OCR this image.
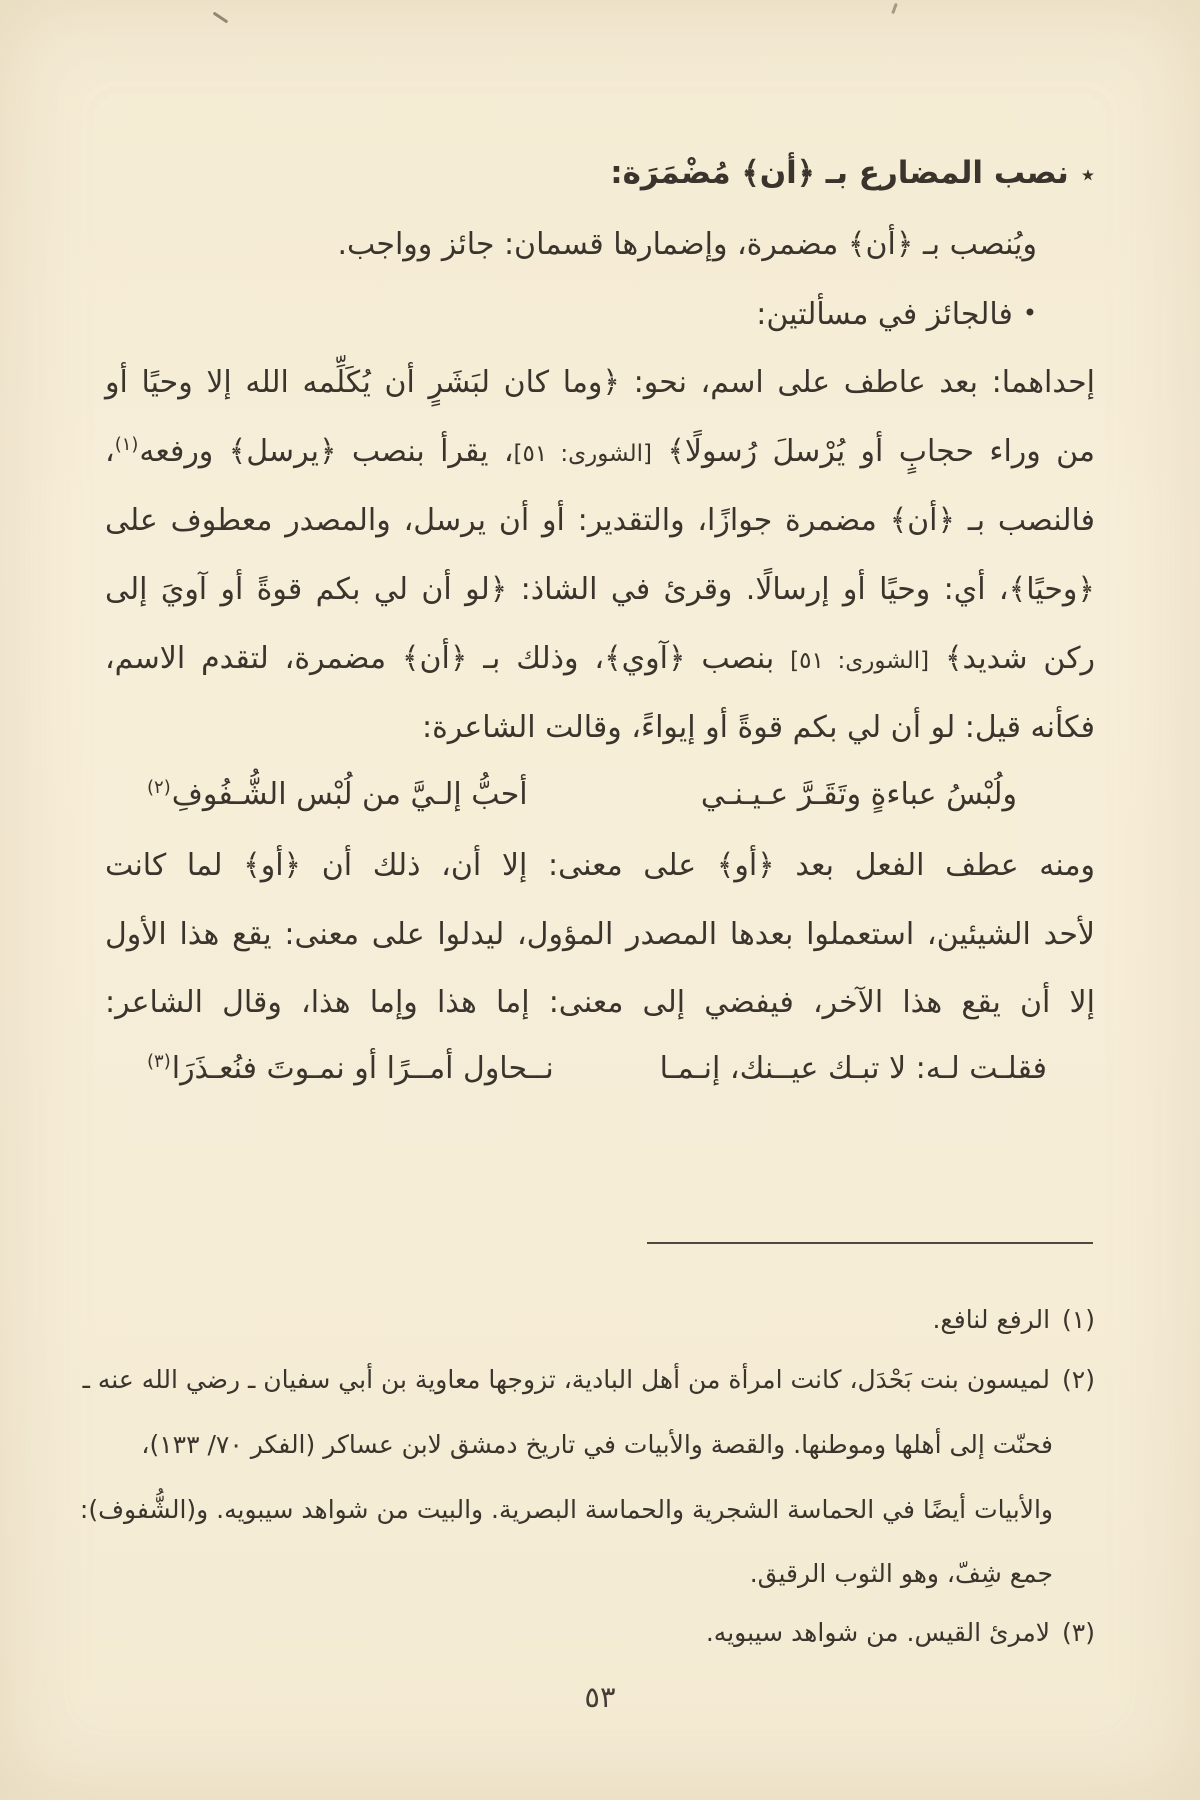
٭نصب المضارع بـ ﴿أن﴾ مُضْمَرَة:
ويُنصب بـ ﴿أن﴾ مضمرة، وإضمارها قسمان: جائز وواجب.
•فالجائز في مسألتين:
إحداهما: بعد عاطف على اسم، نحو: ﴿وما كان لبَشَرٍ أن يُكَلِّمه الله إلا وحيًا أو
من وراء حجابٍ أو يُرْسلَ رُسولًا﴾ [الشورى: ٥١]، يقرأ بنصب ﴿يرسل﴾ ورفعه$^{(١)}$،
فالنصب بـ ﴿أن﴾ مضمرة جوازًا، والتقدير: أو أن يرسل، والمصدر معطوف على
﴿وحيًا﴾، أي: وحيًا أو إرسالًا. وقرئ في الشاذ: ﴿لو أن لي بكم قوةً أو آويَ إلى
ركن شديد﴾ [الشورى: ٥١] بنصب ﴿آوي﴾، وذلك بـ ﴿أن﴾ مضمرة، لتقدم الاسم،
فكأنه قيل: لو أن لي بكم قوةً أو إيواءً، وقالت الشاعرة:
ولُبْسُ عباءةٍ وتَقَـرَّ عـيـنـي
أحبُّ إلـيَّ من لُبْس الشُّـفُوفِ$^{(٢)}$
ومنه عطف الفعل بعد ﴿أو﴾ على معنى: إلا أن، ذلك أن ﴿أو﴾ لما كانت
لأحد الشيئين، استعملوا بعدها المصدر المؤول، ليدلوا على معنى: يقع هذا الأول
إلا أن يقع هذا الآخر، فيفضي إلى معنى: إما هذا وإما هذا، وقال الشاعر:
فقلـت لـه: لا تبـك عيــنك، إنـمـا
نــحاول أمــرًا أو نمـوتَ فنُعـذَرَا$^{(٣)}$
(١)الرفع لنافع.
(٢)لميسون بنت بَحْدَل، كانت امرأة من أهل البادية، تزوجها معاوية بن أبي سفيان ـ رضي الله عنه ـ
فحنّت إلى أهلها وموطنها. والقصة والأبيات في تاريخ دمشق لابن عساكر (الفكر ٧٠/ ١٣٣)،
والأبيات أيضًا في الحماسة الشجرية والحماسة البصرية. والبيت من شواهد سيبويه. و(الشُّفوف):
جمع شِفّ، وهو الثوب الرقيق.
(٣)لامرئ القيس. من شواهد سيبويه.
٥٣
